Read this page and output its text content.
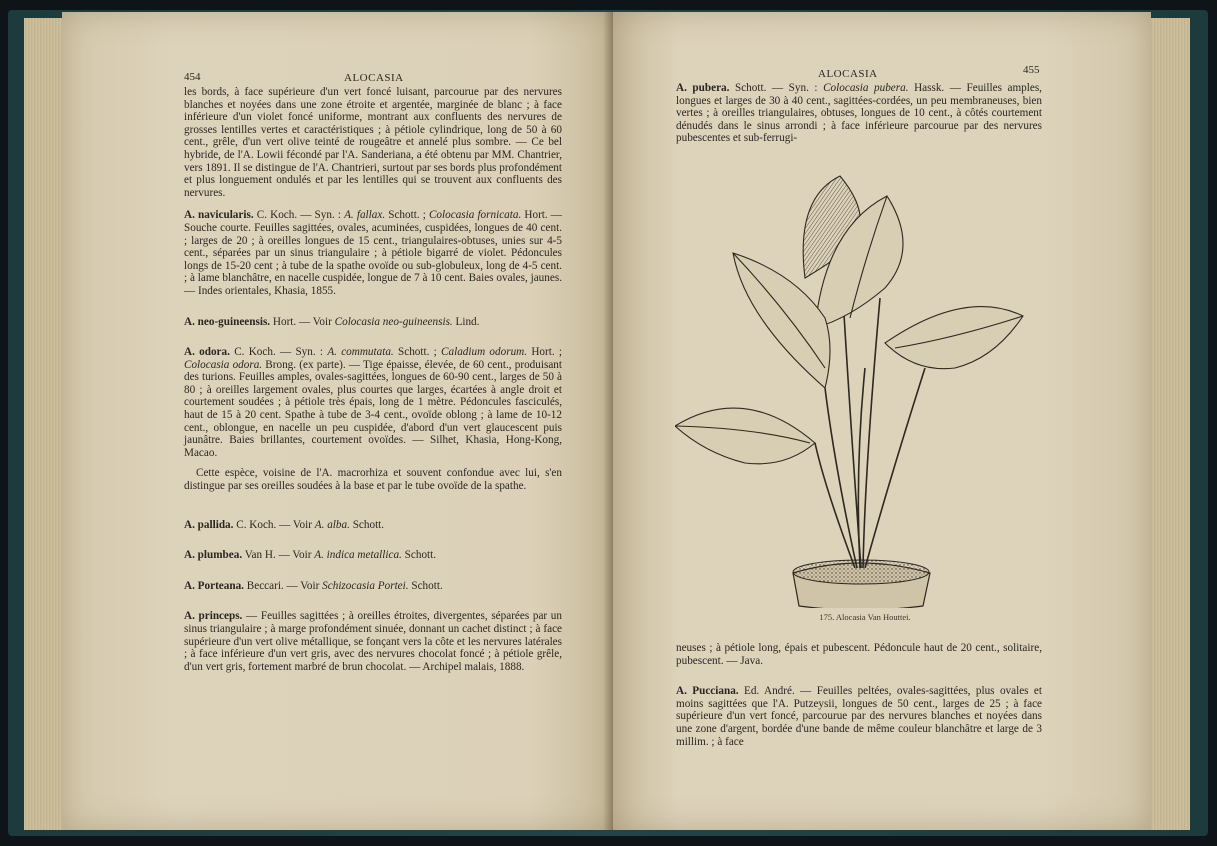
454	ALOCASIA

les bords, à face supérieure d'un vert foncé luisant, parcourue par des nervures blanches et noyées dans une zone étroite et argentée, marginée de blanc ; à face inférieure d'un violet foncé uniforme, montrant aux confluents des nervures de grosses lentilles vertes et caractéristiques ; à pétiole cylindrique, long de 50 à 60 cent., grêle, d'un vert olive teinté de rougeâtre et annelé plus sombre. — Ce bel hybride, de l'A. Lowii fécondé par l'A. Sanderiana, a été obtenu par MM. Chantrier, vers 1891. Il se distingue de l'A. Chantrieri, surtout par ses bords plus profondément et plus longuement ondulés et par les lentilles qui se trouvent aux confluents des nervures.

A. navicularis. C. Koch. — Syn. : A. fallax. Schott. ; Colocasia fornicata. Hort. — Souche courte. Feuilles sagittées, ovales, acuminées, cuspidées, longues de 40 cent. ; larges de 20 ; à oreilles longues de 15 cent., triangulaires-obtuses, unies sur 4-5 cent., séparées par un sinus triangulaire ; à pétiole bigarré de violet. Pédoncules longs de 15-20 cent ; à tube de la spathe ovoïde ou sub-globuleux, long de 4-5 cent. ; à lame blanchâtre, en nacelle cuspidée, longue de 7 à 10 cent. Baies ovales, jaunes. — Indes orientales, Khasia, 1855.

A. neo-guineensis. Hort. — Voir Colocasia neo-guineensis. Lind.

A. odora. C. Koch. — Syn. : A. commutata. Schott. ; Caladium odorum. Hort. ; Colocasia odora. Brong. (ex parte). — Tige épaisse, élevée, de 60 cent., produisant des turions. Feuilles amples, ovales-sagittées, longues de 60-90 cent., larges de 50 à 80 ; à oreilles largement ovales, plus courtes que larges, écartées à angle droit et courtement soudées ; à pétiole très épais, long de 1 mètre. Pédoncules fasciculés, haut de 15 à 20 cent. Spathe à tube de 3-4 cent., ovoïde oblong ; à lame de 10-12 cent., oblongue, en nacelle un peu cuspidée, d'abord d'un vert glaucescent puis jaunâtre. Baies brillantes, courtement ovoïdes. — Silhet, Khasia, Hong-Kong, Macao.

Cette espèce, voisine de l'A. macrorhiza et souvent confondue avec lui, s'en distingue par ses oreilles soudées à la base et par le tube ovoïde de la spathe.

A. pallida. C. Koch. — Voir A. alba. Schott.

A. plumbea. Van H. — Voir A. indica metallica. Schott.

A. Porteana. Beccari. — Voir Schizocasia Portei. Schott.

A. princeps. — Feuilles sagittées ; à oreilles étroites, divergentes, séparées par un sinus triangulaire ; à marge profondément sinuée, donnant un cachet distinct ; à face supérieure d'un vert olive métallique, se fonçant vers la côte et les nervures latérales ; à face inférieure d'un vert gris, avec des nervures chocolat foncé ; à pétiole grêle, d'un vert gris, fortement marbré de brun chocolat. — Archipel malais, 1888.

ALOCASIA	455

A. pubera. Schott. — Syn. : Colocasia pubera. Hassk. — Feuilles amples, longues et larges de 30 à 40 cent., sagittées-cordées, un peu membraneuses, bien vertes ; à oreilles triangulaires, obtuses, longues de 10 cent., à côtés courtement dénudés dans le sinus arrondi ; à face inférieure parcourue par des nervures pubescentes et sub-ferrugi-

175. Alocasia Van Houttei.

neuses ; à pétiole long, épais et pubescent. Pédoncule haut de 20 cent., solitaire, pubescent. — Java.

A. Pucciana. Ed. André. — Feuilles peltées, ovales-sagittées, plus ovales et moins sagittées que l'A. Putzeysii, longues de 50 cent., larges de 25 ; à face supérieure d'un vert foncé, parcourue par des nervures blanches et noyées dans une zone d'argent, bordée d'une bande de même couleur blanchâtre et large de 3 millim. ; à face
